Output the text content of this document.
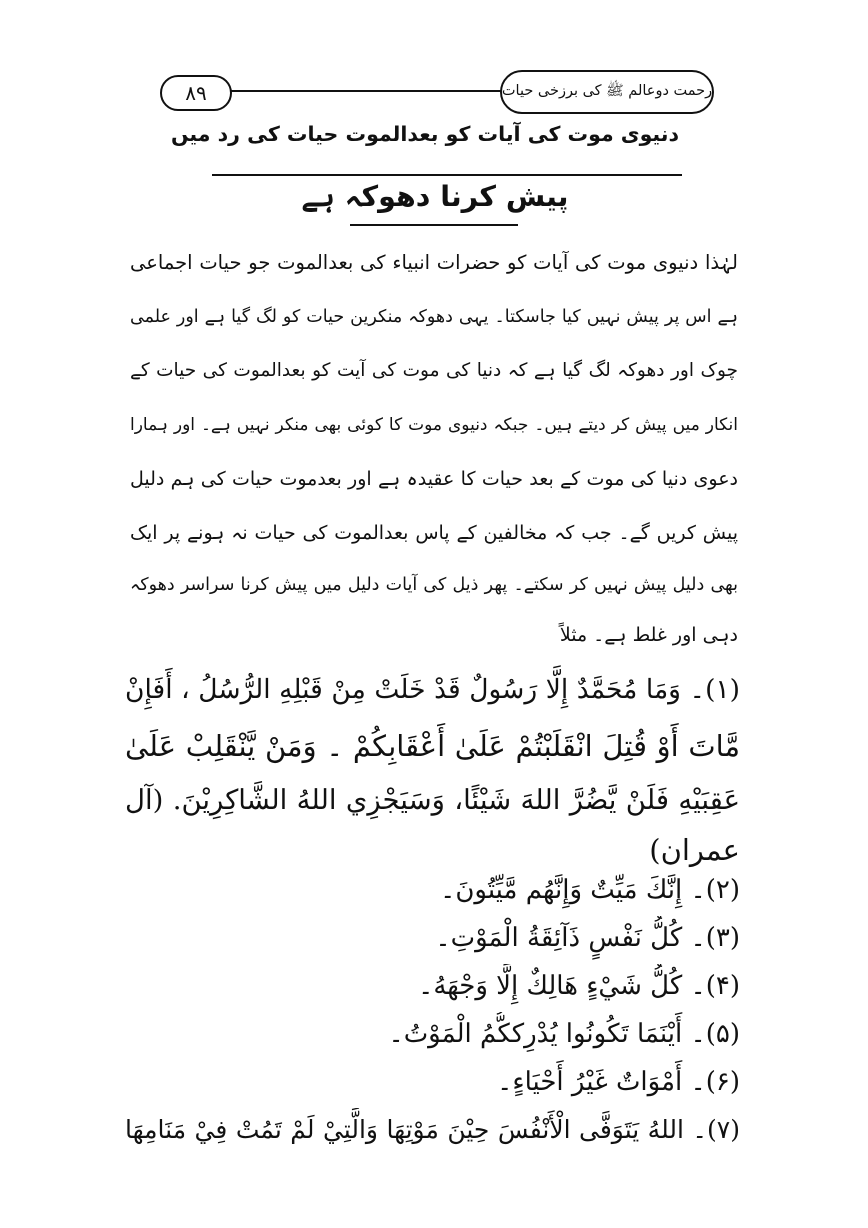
۸۹	رحمت دوعالم ﷺ کی برزخی حیات
دنیوی موت کی آیات کو بعدالموت حیات کی رد میں
پیش کرنا دھوکہ ہے
لہٰذا دنیوی موت کی آیات کو حضرات انبیاء کی بعدالموت جو حیات اجماعی
ہے اس پر پیش نہیں کیا جاسکتا۔ یہی دھوکہ منکرین حیات کو لگ گیا ہے اور علمی
چوک اور دھوکہ لگ گیا ہے کہ دنیا کی موت کی آیت کو بعدالموت کی حیات کے
انکار میں پیش کر دیتے ہیں۔ جبکہ دنیوی موت کا کوئی بھی منکر نہیں ہے۔ اور ہمارا
دعوی دنیا کی موت کے بعد حیات کا عقیدہ ہے اور بعدموت حیات کی ہم دلیل
پیش کریں گے۔ جب کہ مخالفین کے پاس بعدالموت کی حیات نہ ہونے پر ایک
بھی دلیل پیش نہیں کر سکتے۔ پھر ذیل کی آیات دلیل میں پیش کرنا سراسر دھوکہ
دہی اور غلط ہے۔ مثلاً
(۱)۔ وَمَا مُحَمَّدٌ إِلَّا رَسُولٌ قَدْ خَلَتْ مِنْ قَبْلِهِ الرُّسُلُ ، أَفَإِنْ
مَّاتَ أَوْ قُتِلَ انْقَلَبْتُمْ عَلَىٰ أَعْقَابِكُمْ ۔ وَمَنْ يَّنْقَلِبْ عَلَىٰ
عَقِبَيْهِ فَلَنْ يَّضُرَّ اللهَ شَيْئًا، وَسَيَجْزِي اللهُ الشَّاكِرِيْنَ. (آل
عمران)
(۲)۔ إِنَّكَ مَيِّتٌ وَإِنَّهُم مَّيِّتُونَ۔
(۳)۔ كُلُّ نَفْسٍ ذَآئِقَةُ الْمَوْتِ۔
(۴)۔ كُلُّ شَيْءٍ هَالِكٌ إِلَّا وَجْهَهُ۔
(۵)۔ أَيْنَمَا تَكُونُوا يُدْرِككُّمُ الْمَوْتُ۔
(۶)۔ أَمْوَاتٌ غَيْرُ أَحْيَاءٍ۔
(۷)۔ اللهُ يَتَوَفَّى الْأَنْفُسَ حِيْنَ مَوْتِهَا وَالَّتِيْ لَمْ تَمُتْ فِيْ مَنَامِهَا
